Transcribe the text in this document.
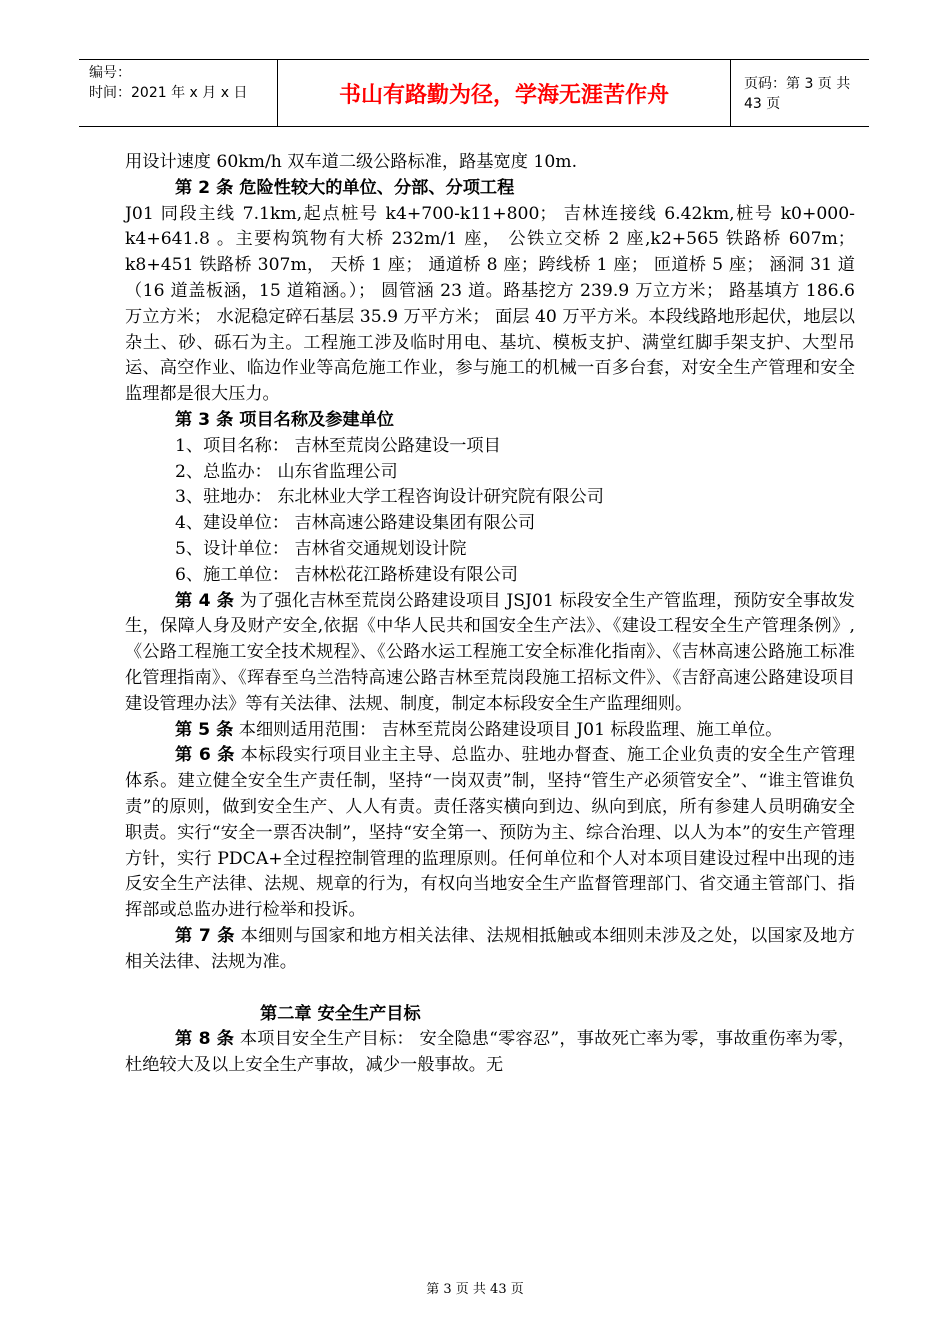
编号：
时间：2021 年 x 月 x 日	书山有路勤为径，学海无涯苦作舟	页码：第 3 页 共 43 页

用设计速度 60km/h 双车道二级公路标准，路基宽度 10m.

第 2 条 危险性较大的单位、分部、分项工程

J01 同段主线 7.1km,起点桩号 k4+700-k11+800； 吉林连接线 6.42km,桩号 k0+000-k4+641.8 。主要构筑物有大桥 232m/1 座， 公铁立交桥 2 座,k2+565 铁路桥 607m； k8+451 铁路桥 307m， 天桥 1 座； 通道桥 8 座；跨线桥 1 座； 匝道桥 5 座； 涵洞 31 道（16 道盖板涵，15 道箱涵。）； 圆管涵 23 道。路基挖方 239.9 万立方米； 路基填方 186.6 万立方米； 水泥稳定碎石基层 35.9 万平方米； 面层 40 万平方米。本段线路地形起伏，地层以杂土、砂、砾石为主。工程施工涉及临时用电、基坑、模板支护、满堂红脚手架支护、大型吊运、高空作业、临边作业等高危施工作业，参与施工的机械一百多台套，对安全生产管理和安全监理都是很大压力。

第 3 条 项目名称及参建单位

1、项目名称： 吉林至荒岗公路建设一项目

2、总监办： 山东省监理公司

3、驻地办： 东北林业大学工程咨询设计研究院有限公司

4、建设单位： 吉林高速公路建设集团有限公司

5、设计单位： 吉林省交通规划设计院

6、施工单位： 吉林松花江路桥建设有限公司

第 4 条 为了强化吉林至荒岗公路建设项目 JSJ01 标段安全生产管监理，预防安全事故发生，保障人身及财产安全,依据《中华人民共和国安全生产法》、《建设工程安全生产管理条例》,《公路工程施工安全技术规程》、《公路水运工程施工安全标准化指南》、《吉林高速公路施工标准化管理指南》、《珲春至乌兰浩特高速公路吉林至荒岗段施工招标文件》、《吉舒高速公路建设项目建设管理办法》等有关法律、法规、制度，制定本标段安全生产监理细则。

第 5 条 本细则适用范围： 吉林至荒岗公路建设项目 J01 标段监理、施工单位。

第 6 条 本标段实行项目业主主导、总监办、驻地办督查、施工企业负责的安全生产管理体系。建立健全安全生产责任制，坚持“一岗双责”制，坚持“管生产必须管安全”、“谁主管谁负责”的原则，做到安全生产、人人有责。责任落实横向到边、纵向到底，所有参建人员明确安全职责。实行“安全一票否决制”，坚持“安全第一、预防为主、综合治理、以人为本”的安生产管理方针，实行 PDCA+全过程控制管理的监理原则。任何单位和个人对本项目建设过程中出现的违反安全生产法律、法规、规章的行为，有权向当地安全生产监督管理部门、省交通主管部门、指挥部或总监办进行检举和投诉。

第 7 条 本细则与国家和地方相关法律、法规相抵触或本细则未涉及之处，以国家及地方相关法律、法规为准。

第二章 安全生产目标

第 8 条 本项目安全生产目标： 安全隐患“零容忍”，事故死亡率为零，事故重伤率为零，杜绝较大及以上安全生产事故，减少一般事故。无

第 3 页 共 43 页
